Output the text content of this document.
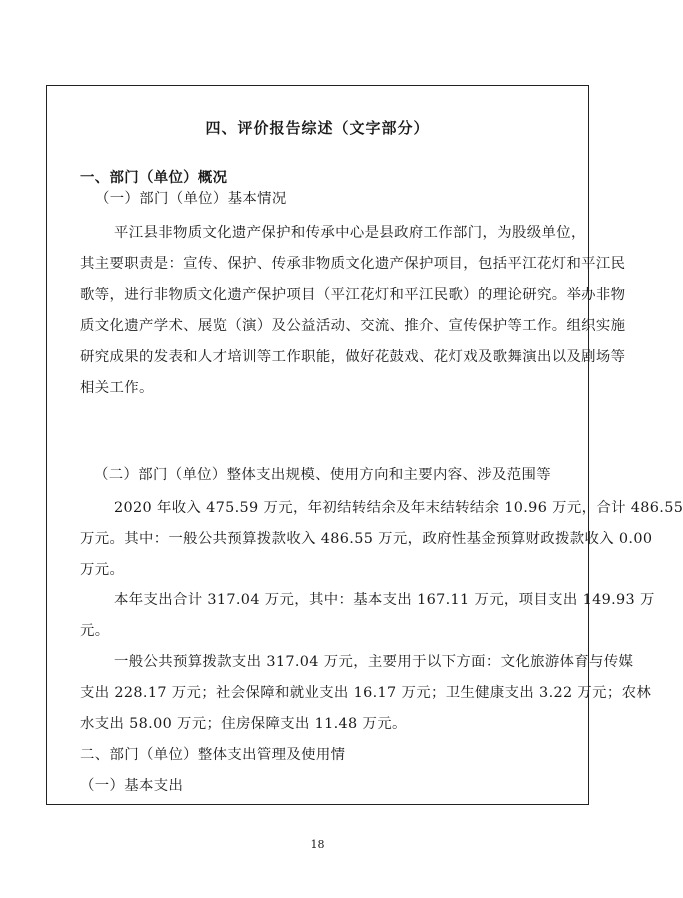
四、评价报告综述（文字部分）
一、部门（单位）概况
（一）部门（单位）基本情况
平江县非物质文化遗产保护和传承中心是县政府工作部门，为股级单位，
其主要职责是：宣传、保护、传承非物质文化遗产保护项目，包括平江花灯和平江民
歌等，进行非物质文化遗产保护项目（平江花灯和平江民歌）的理论研究。举办非物
质文化遗产学术、展览（演）及公益活动、交流、推介、宣传保护等工作。组织实施
研究成果的发表和人才培训等工作职能，做好花鼓戏、花灯戏及歌舞演出以及剧场等
相关工作。
（二）部门（单位）整体支出规模、使用方向和主要内容、涉及范围等
2020 年收入 475.59 万元，年初结转结余及年末结转结余 10.96 万元，合计 486.55
万元。其中：一般公共预算拨款收入 486.55 万元，政府性基金预算财政拨款收入 0.00
万元。
本年支出合计 317.04 万元，其中：基本支出 167.11 万元，项目支出 149.93 万
元。
一般公共预算拨款支出 317.04 万元，主要用于以下方面：文化旅游体育与传媒
支出 228.17 万元；社会保障和就业支出 16.17 万元；卫生健康支出 3.22 万元；农林
水支出 58.00 万元；住房保障支出 11.48 万元。
二、部门（单位）整体支出管理及使用情
（一）基本支出
18
